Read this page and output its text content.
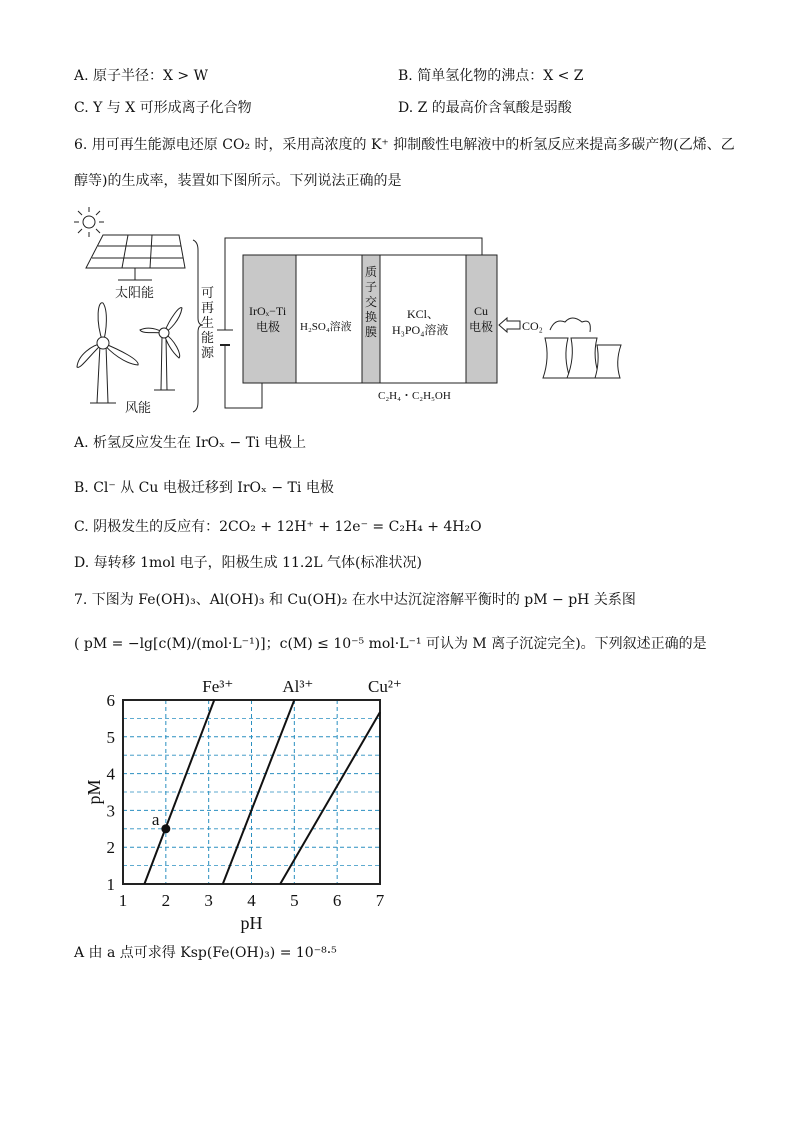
A. 原子半径：X > W	B. 简单氢化物的沸点：X < Z
C. Y 与 X 可形成离子化合物	D. Z 的最高价含氧酸是弱酸
6. 用可再生能源电还原 CO₂ 时，采用高浓度的 K⁺ 抑制酸性电解液中的析氢反应来提高多碳产物(乙烯、乙
醇等)的生成率，装置如下图所示。下列说法正确的是
太阳能
风能
可
再
生
能
源
IrOₓ−Ti
电极 H₂SO₄溶液
质
子
交
换
膜
KCl、
H₃PO₄溶液
Cu
电极
C₂H₄・C₂H₅OH
CO₂
A. 析氢反应发生在 IrOₓ − Ti 电极上
B. Cl⁻ 从 Cu 电极迁移到 IrOₓ − Ti 电极
C. 阴极发生的反应有：2CO₂ + 12H⁺ + 12e⁻ = C₂H₄ + 4H₂O
D. 每转移 1mol 电子，阳极生成 11.2L 气体(标准状况)
7. 下图为 Fe(OH)₃、Al(OH)₃ 和 Cu(OH)₂ 在水中达沉淀溶解平衡时的 pM − pH 关系图
( pM = −lg[c(M)/(mol·L⁻¹)]；c(M) ≤ 10⁻⁵ mol·L⁻¹ 可认为 M 离子沉淀完全)。下列叙述正确的是
1 2 3 4 5 6 7
1
2
3
4
5
6
pH
pM
Fe³⁺	Al³⁺	Cu²⁺
a
A 由 a 点可求得 Ksp(Fe(OH)₃) = 10⁻⁸·⁵
